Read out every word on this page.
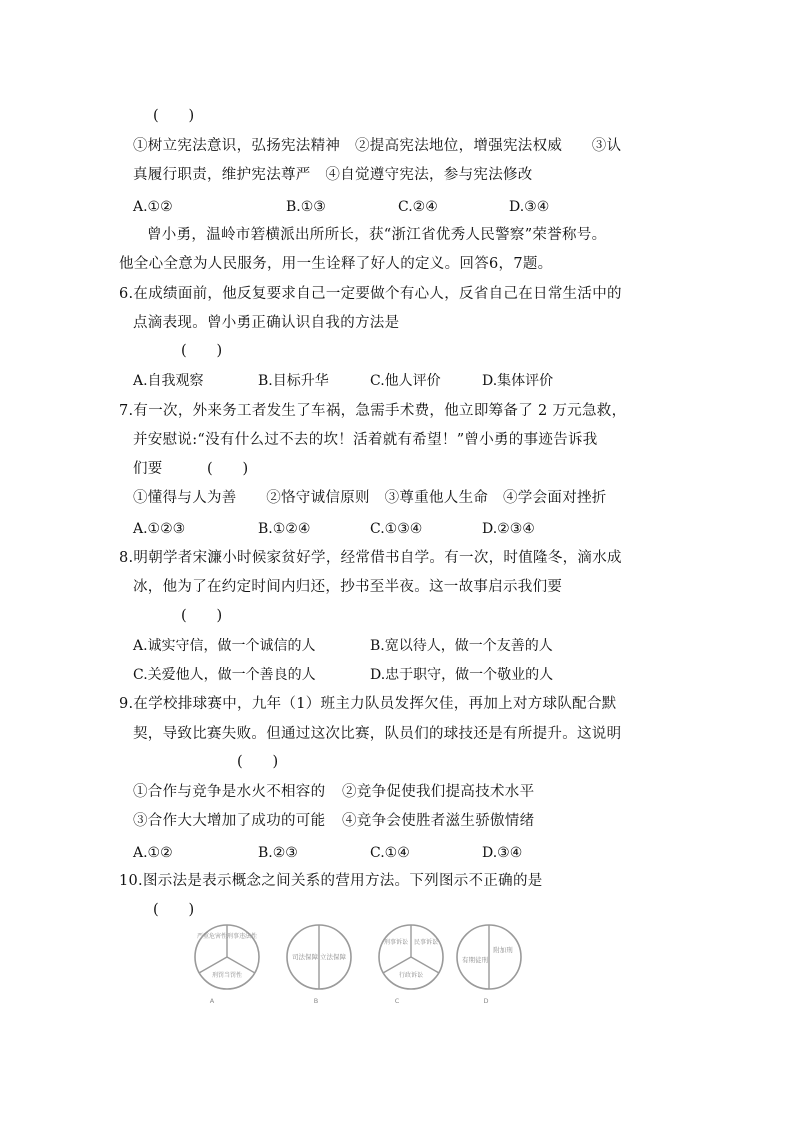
(　　)
①树立宪法意识，弘扬宪法精神　②提高宪法地位，增强宪法权威　　③认
真履行职责，维护宪法尊严　④自觉遵守宪法，参与宪法修改
A.①②	B.①③	C.②④	D.③④
曾小勇，温岭市箬横派出所所长，获“浙江省优秀人民警察”荣誉称号。
他全心全意为人民服务，用一生诠释了好人的定义。回答6，7题。
6.在成绩面前，他反复要求自己一定要做个有心人，反省自己在日常生活中的
点滴表现。曾小勇正确认识自我的方法是
(　　)
A.自我观察	B.目标升华	C.他人评价	D.集体评价
7.有一次，外来务工者发生了车祸，急需手术费，他立即筹备了 2 万元急救，
并安慰说:“没有什么过不去的坎！活着就有希望！”曾小勇的事迹告诉我
们要	(　　)
①懂得与人为善　　②恪守诚信原则　③尊重他人生命　④学会面对挫折
A.①②③	B.①②④	C.①③④	D.②③④
8.明朝学者宋濂小时候家贫好学，经常借书自学。有一次，时值隆冬，滴水成
冰，他为了在约定时间内归还，抄书至半夜。这一故事启示我们要
(　　)
A.诚实守信，做一个诚信的人	B.宽以待人，做一个友善的人
C.关爱他人，做一个善良的人	D.忠于职守，做一个敬业的人
9.在学校排球赛中，九年（1）班主力队员发挥欠佳，再加上对方球队配合默
契，导致比赛失败。但通过这次比赛，队员们的球技还是有所提升。这说明
(　　)
①合作与竞争是水火不相容的 ②竞争促使我们提高技术水平
③合作大大增加了成功的可能 ④竞争会使胜者滋生骄傲情绪
A.①②	B.②③	C.①④	D.③④
10.图示法是表示概念之间关系的营用方法。下列图示不正确的是
(　　)
严重危害性 刑事违法性
刑罚当罚性
A
司法保障 立法保障
B
刑事诉讼 民事诉讼
行政诉讼
C
有期徒刑
附加刑
D
